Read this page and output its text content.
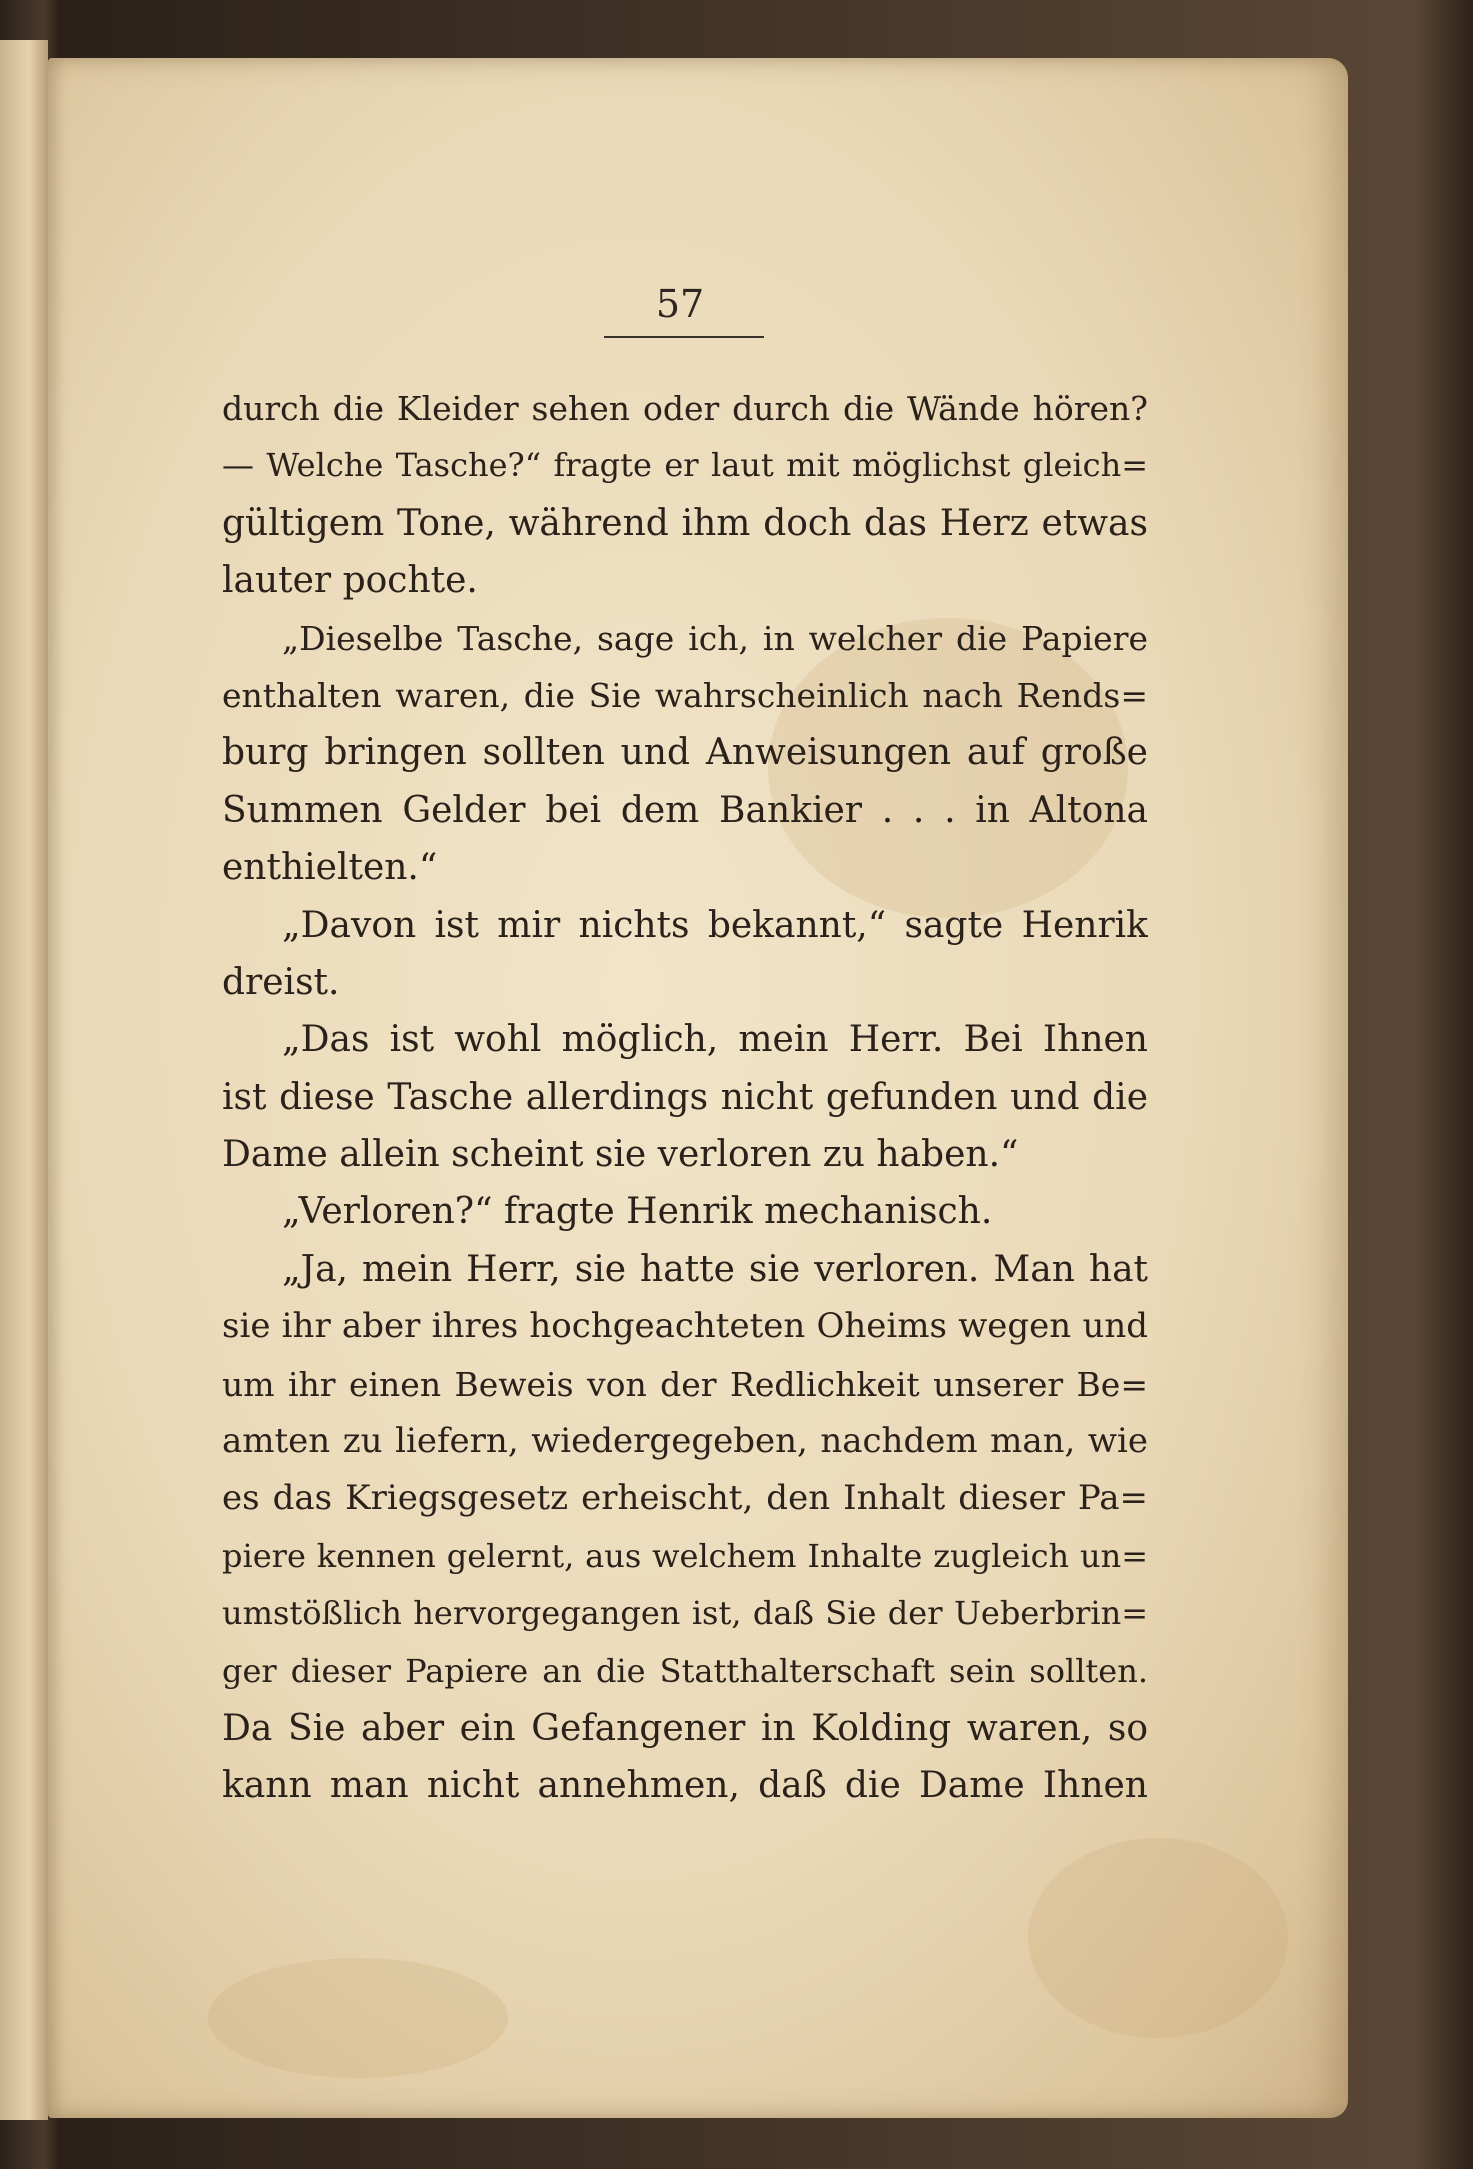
57
durch die Kleider sehen oder durch die Wände hören?
— Welche Tasche?“ fragte er laut mit möglichst gleich=
gültigem Tone, während ihm doch das Herz etwas
lauter pochte.
„Dieselbe Tasche, sage ich, in welcher die Papiere
enthalten waren, die Sie wahrscheinlich nach Rends=
burg bringen sollten und Anweisungen auf große
Summen Gelder bei dem Bankier . . . in Altona
enthielten.“
„Davon ist mir nichts bekannt,“ sagte Henrik
dreist.
„Das ist wohl möglich, mein Herr. Bei Ihnen
ist diese Tasche allerdings nicht gefunden und die
Dame allein scheint sie verloren zu haben.“
„Verloren?“ fragte Henrik mechanisch.
„Ja, mein Herr, sie hatte sie verloren. Man hat
sie ihr aber ihres hochgeachteten Oheims wegen und
um ihr einen Beweis von der Redlichkeit unserer Be=
amten zu liefern, wiedergegeben, nachdem man, wie
es das Kriegsgesetz erheischt, den Inhalt dieser Pa=
piere kennen gelernt, aus welchem Inhalte zugleich un=
umstößlich hervorgegangen ist, daß Sie der Ueberbrin=
ger dieser Papiere an die Statthalterschaft sein sollten.
Da Sie aber ein Gefangener in Kolding waren, so
kann man nicht annehmen, daß die Dame Ihnen
